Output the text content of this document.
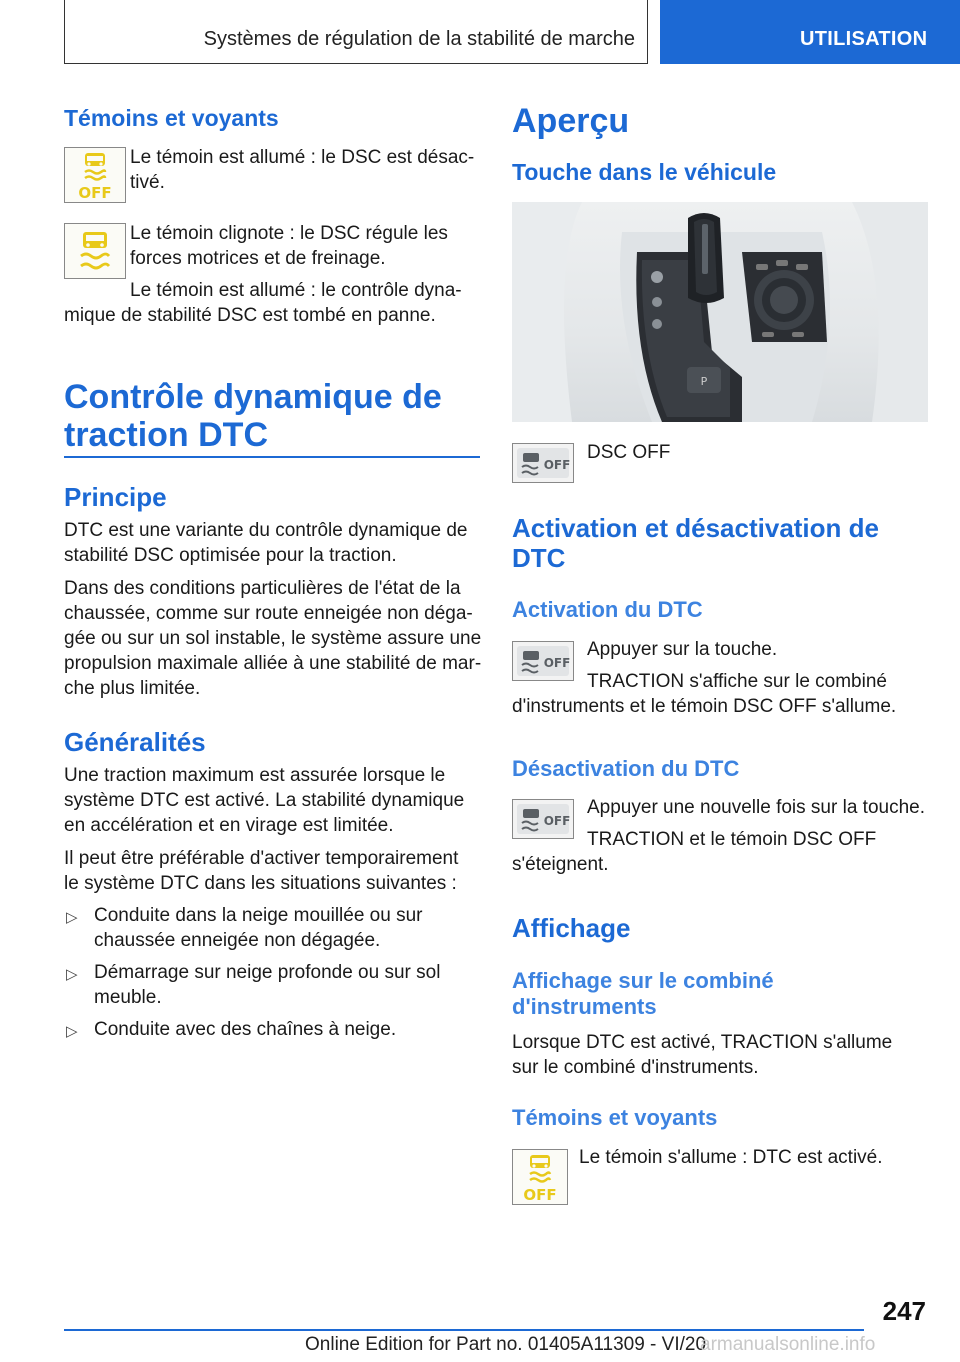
Systèmes de régulation de la stabilité de marche	UTILISATION
Témoins et voyants
OFF
Le témoin est allumé : le DSC est désac‐
tivé.
Le témoin clignote : le DSC régule les
forces motrices et de freinage.
Le témoin est allumé : le contrôle dyna‐
mique de stabilité DSC est tombé en panne.
Contrôle dynamique de
traction DTC
Principe
DTC est une variante du contrôle dynamique de
stabilité DSC optimisée pour la traction.
Dans des conditions particulières de l'état de la
chaussée, comme sur route enneigée non déga‐
gée ou sur un sol instable, le système assure une
propulsion maximale alliée à une stabilité de mar‐
che plus limitée.
Généralités
Une traction maximum est assurée lorsque le
système DTC est activé. La stabilité dynamique
en accélération et en virage est limitée.
Il peut être préférable d'activer temporairement
le système DTC dans les situations suivantes :
▷ Conduite dans la neige mouillée ou sur
chaussée enneigée non dégagée.
▷ Démarrage sur neige profonde ou sur sol
meuble.
▷ Conduite avec des chaînes à neige.
Aperçu
Touche dans le véhicule
P
OFF
DSC OFF
Activation et désactivation de
DTC
Activation du DTC
OFF
Appuyer sur la touche.
TRACTION s'affiche sur le combiné
d'instruments et le témoin DSC OFF s'allume.
Désactivation du DTC
OFF
Appuyer une nouvelle fois sur la touche.
TRACTION et le témoin DSC OFF
s'éteignent.
Affichage
Affichage sur le combiné
d'instruments
Lorsque DTC est activé, TRACTION s'allume
sur le combiné d'instruments.
Témoins et voyants
OFF
Le témoin s'allume : DTC est activé.
247
Online Edition for Part no. 01405A11309 - VI/20
armanualsonline.info
